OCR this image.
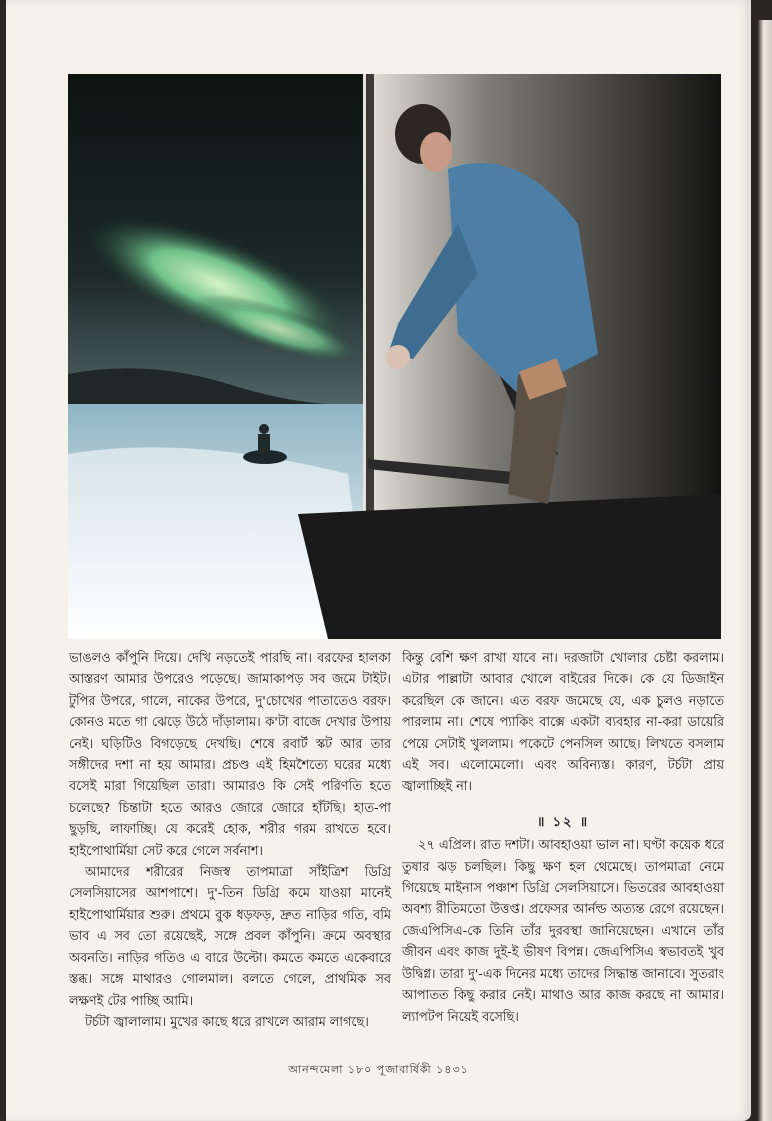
ভাঙলও কাঁপুনি দিয়ে। দেখি নড়তেই পারছি না। বরফের হালকা আস্তরণ আমার উপরেও পড়েছে। জামাকাপড় সব জমে টাইট। টুপির উপরে, গালে, নাকের উপরে, দু'চোখের পাতাতেও বরফ। কোনও মতে গা ঝেড়ে উঠে দাঁড়ালাম। ক'টা বাজে দেখার উপায় নেই। ঘড়িটিও বিগড়েছে দেখছি। শেষে রবার্ট স্কট আর তার সঙ্গীদের দশা না হয় আমার। প্রচণ্ড এই হিমশৈত্যে ঘরের মধ্যে বসেই মারা গিয়েছিল তারা। আমারও কি সেই পরিণতি হতে চলেছে? চিন্তাটা হতে আরও জোরে জোরে হাঁটছি। হাত-পা ছুড়ছি, লাফাচ্ছি। যে করেই হোক, শরীর গরম রাখতে হবে। হাইপোথার্মিয়া সেট করে গেলে সর্বনাশ।

আমাদের শরীরের নিজস্ব তাপমাত্রা সাঁইত্রিশ ডিগ্রি সেলসিয়াসের আশপাশে। দু'-তিন ডিগ্রি কমে যাওয়া মানেই হাইপোথার্মিয়ার শুরু। প্রথমে বুক ধড়ফড়, দ্রুত নাড়ির গতি, বমি ভাব এ সব তো রয়েছেই, সঙ্গে প্রবল কাঁপুনি। ক্রমে অবস্থার অবনতি। নাড়ির গতিও এ বারে উল্টো। কমতে কমতে একেবারে স্তব্ধ। সঙ্গে মাথারও গোলমাল। বলতে গেলে, প্রাথমিক সব লক্ষণই টের পাচ্ছি আমি।

টর্চটা জ্বালালাম। মুখের কাছে ধরে রাখলে আরাম লাগছে।

কিন্তু বেশি ক্ষণ রাখা যাবে না। দরজাটা খোলার চেষ্টা করলাম। এটার পাল্লাটা আবার খোলে বাইরের দিকে। কে যে ডিজাইন করেছিল কে জানে। এত বরফ জমেছে যে, এক চুলও নড়াতে পারলাম না। শেষে প্যাকিং বাক্সে একটা ব্যবহার না-করা ডায়েরি পেয়ে সেটাই খুললাম। পকেটে পেনসিল আছে। লিখতে বসলাম এই সব। এলোমেলো। এবং অবিন্যস্ত। কারণ, টর্চটা প্রায় জ্বালাচ্ছিই না।

॥ ১২ ॥

২৭ এপ্রিল। রাত দশটা। আবহাওয়া ভাল না। ঘণ্টা কয়েক ধরে তুষার ঝড় চলছিল। কিছু ক্ষণ হল থেমেছে। তাপমাত্রা নেমে গিয়েছে মাইনাস পঞ্চাশ ডিগ্রি সেলসিয়াসে। ভিতরের আবহাওয়া অবশ্য রীতিমতো উত্তপ্ত। প্রফেসর আর্নল্ড অত্যন্ত রেগে রয়েছেন। জেএপিসিএ-কে তিনি তাঁর দুরবস্থা জানিয়েছেন। এখানে তাঁর জীবন এবং কাজ দুই-ই ভীষণ বিপন্ন। জেএপিসিএ স্বভাবতই খুব উদ্বিগ্ন। তারা দু'-এক দিনের মধ্যে তাদের সিদ্ধান্ত জানাবে। সুতরাং আপাতত কিছু করার নেই। মাথাও আর কাজ করছে না আমার। ল্যাপটপ নিয়েই বসেছি।

আনন্দমেলা ১৮০ পূজাবার্ষিকী ১৪৩১
